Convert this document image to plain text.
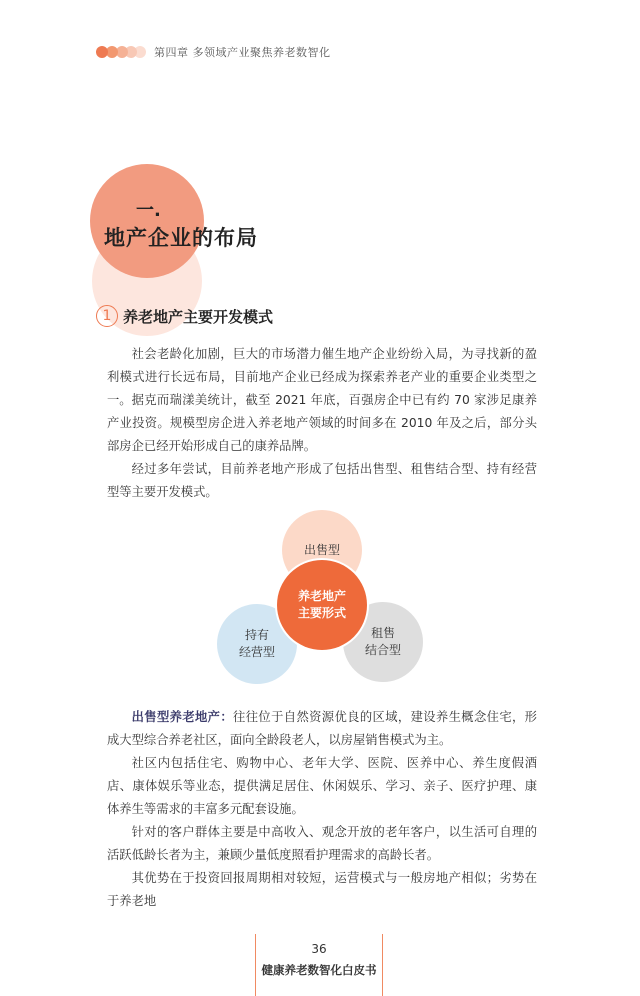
第四章 多领域产业聚焦养老数智化
一.
地产企业的布局
1 养老地产主要开发模式

社会老龄化加剧，巨大的市场潜力催生地产企业纷纷入局，为寻找新的盈利模式进行长远布局，目前地产企业已经成为探索养老产业的重要企业类型之一。 据克而瑞漾美统计，截至 2021 年底，百强房企中已有约 70 家涉足康养产业投资。规模型房企进入养老地产领域的时间多在 2010 年及之后，部分头部房企已经开始形成自己的康养品牌。

经过多年尝试，目前养老地产形成了包括出售型、租售结合型、持有经营型等主要开发模式。

出售型
持有
经营型
租售
结合型
养老地产
主要形式

出售型养老地产：往往位于自然资源优良的区域，建设养生概念住宅，形成大型综合养老社区，面向全龄段老人，以房屋销售模式为主。

社区内包括住宅、购物中心、老年大学、医院、医养中心、养生度假酒店、康体娱乐等业态，提供满足居住、休闲娱乐、学习、亲子、医疗护理、康体养生等需求的丰富多元配套设施。

针对的客户群体主要是中高收入、观念开放的老年客户，以生活可自理的活跃低龄长者为主，兼顾少量低度照看护理需求的高龄长者。

其优势在于投资回报周期相对较短，运营模式与一般房地产相似；劣势在于养老地

36
健康养老数智化白皮书
